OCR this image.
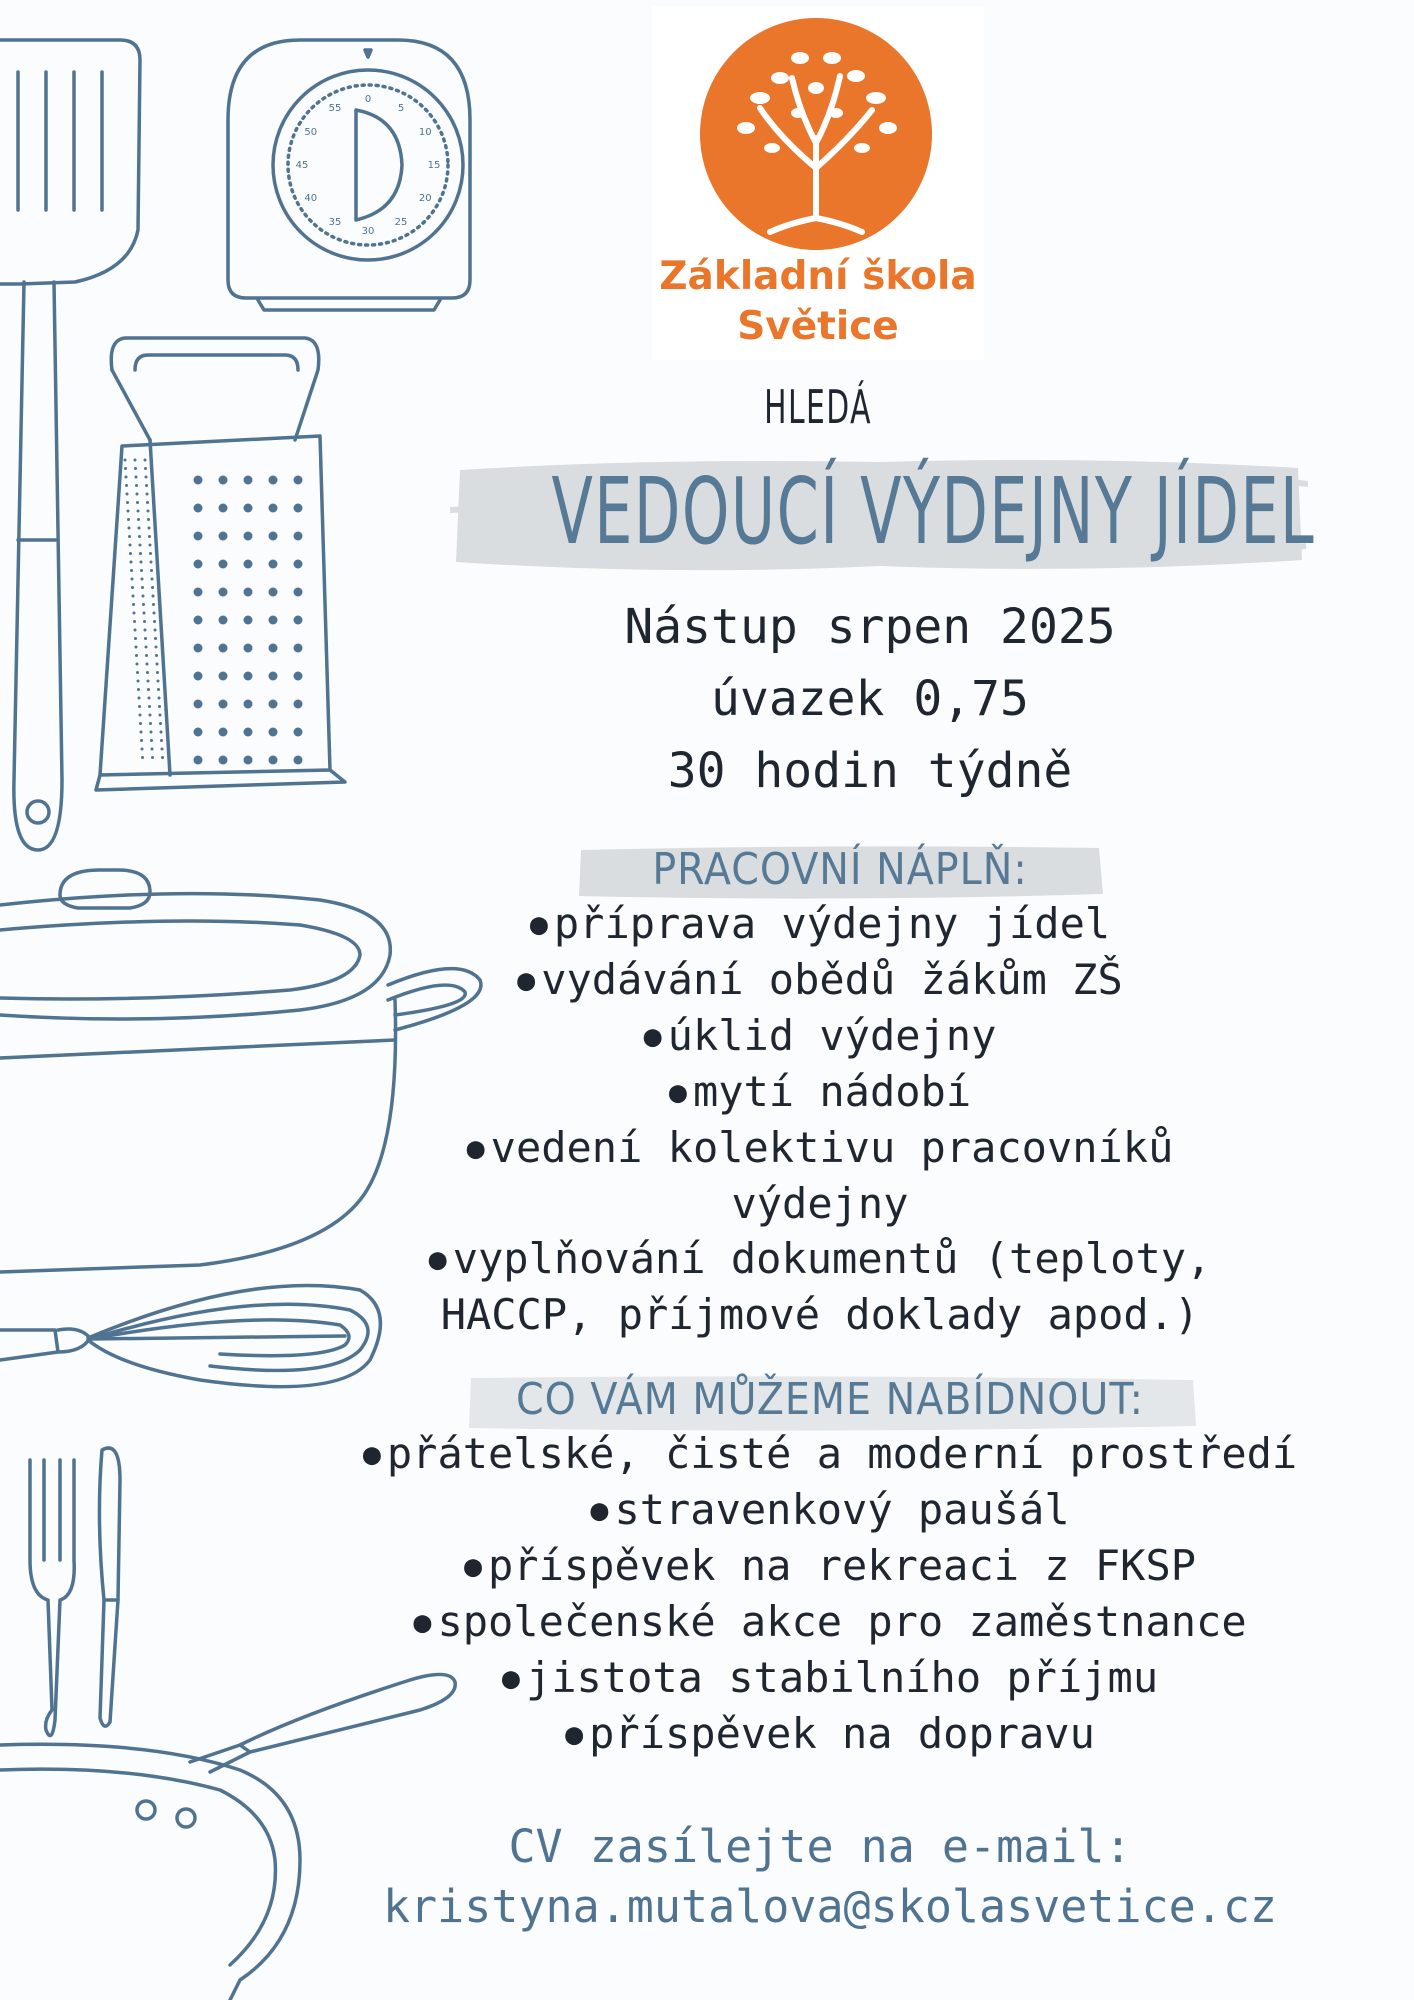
0
5
10
15
20
25
30
35
40
45
50
55
Základní škola
Světice
HLEDÁ
VEDOUCÍ VÝDEJNY JÍDEL
Nástup srpen 2025
úvazek 0,75
30 hodin týdně
PRACOVNÍ NÁPLŇ:
● příprava výdejny jídel
● vydávání obědů žákům ZŠ
● úklid výdejny
● mytí nádobí
● vedení kolektivu pracovníků
výdejny
● vyplňování dokumentů (teploty,
HACCP, příjmové doklady apod.)
CO VÁM MŮŽEME NABÍDNOUT:
● přátelské, čisté a moderní prostředí
● stravenkový paušál
● příspěvek na rekreaci z FKSP
● společenské akce pro zaměstnance
● jistota stabilního příjmu
● příspěvek na dopravu
CV zasílejte na e-mail:
kristyna.mutalova@skolasvetice.cz
